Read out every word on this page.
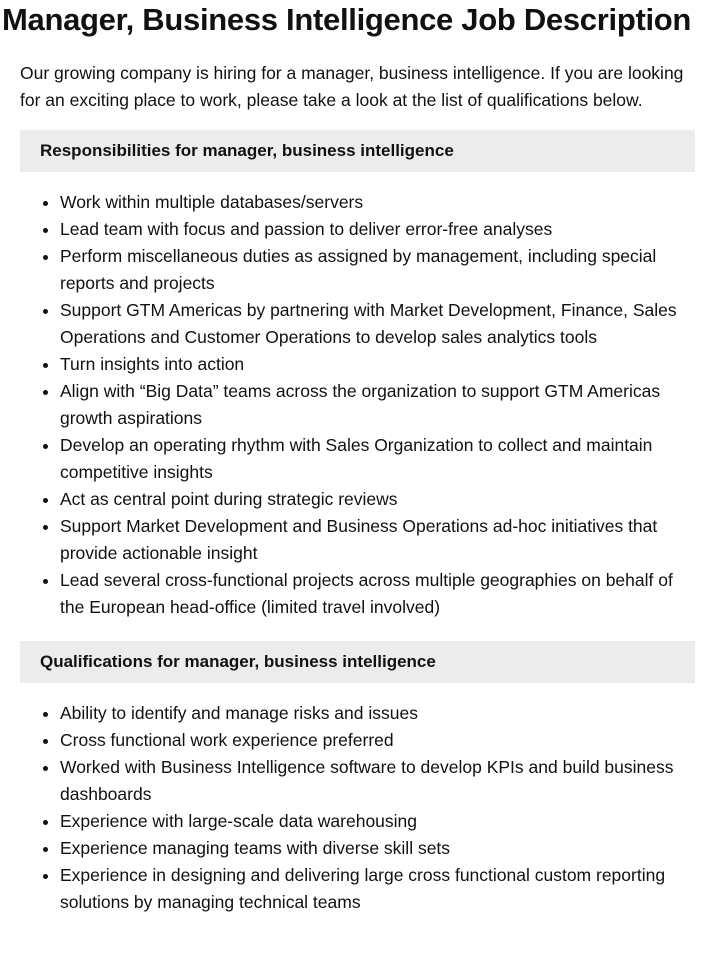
Manager, Business Intelligence Job Description

Our growing company is hiring for a manager, business intelligence. If you are looking for an exciting place to work, please take a look at the list of qualifications below.

Responsibilities for manager, business intelligence
• Work within multiple databases/servers
• Lead team with focus and passion to deliver error-free analyses
• Perform miscellaneous duties as assigned by management, including special reports and projects
• Support GTM Americas by partnering with Market Development, Finance, Sales Operations and Customer Operations to develop sales analytics tools
• Turn insights into action
• Align with “Big Data” teams across the organization to support GTM Americas growth aspirations
• Develop an operating rhythm with Sales Organization to collect and maintain competitive insights
• Act as central point during strategic reviews
• Support Market Development and Business Operations ad-hoc initiatives that provide actionable insight
• Lead several cross-functional projects across multiple geographies on behalf of the European head-office (limited travel involved)
Qualifications for manager, business intelligence
• Ability to identify and manage risks and issues
• Cross functional work experience preferred
• Worked with Business Intelligence software to develop KPIs and build business dashboards
• Experience with large-scale data warehousing
• Experience managing teams with diverse skill sets
• Experience in designing and delivering large cross functional custom reporting solutions by managing technical teams
